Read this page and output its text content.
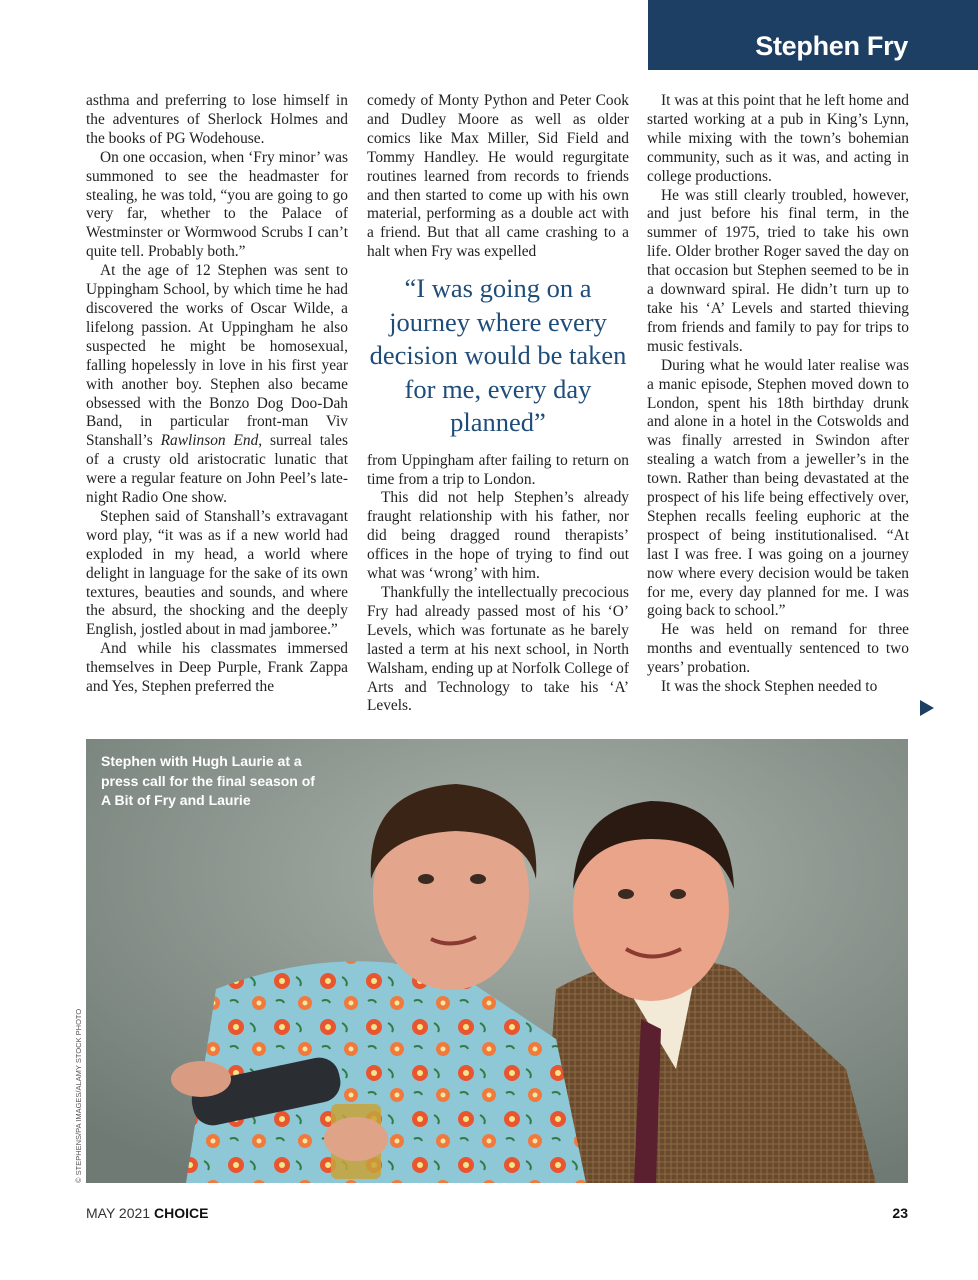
Stephen Fry

asthma and preferring to lose himself in the adventures of Sherlock Holmes and the books of PG Wodehouse.

On one occasion, when ‘Fry minor’ was summoned to see the headmaster for stealing, he was told, “you are going to go very far, whether to the Palace of Westminster or Wormwood Scrubs I can’t quite tell. Probably both.”

At the age of 12 Stephen was sent to Uppingham School, by which time he had discovered the works of Oscar Wilde, a lifelong passion. At Uppingham he also suspected he might be homosexual, falling hopelessly in love in his first year with another boy. Stephen also became obsessed with the Bonzo Dog Doo-Dah Band, in particular front-man Viv Stanshall’s Rawlinson End, surreal tales of a crusty old aristocratic lunatic that were a regular feature on John Peel’s late-night Radio One show.

Stephen said of Stanshall’s extravagant word play, “it was as if a new world had exploded in my head, a world where delight in language for the sake of its own textures, beauties and sounds, and where the absurd, the shocking and the deeply English, jostled about in mad jamboree.”

And while his classmates immersed themselves in Deep Purple, Frank Zappa and Yes, Stephen preferred the

comedy of Monty Python and Peter Cook and Dudley Moore as well as older comics like Max Miller, Sid Field and Tommy Handley. He would regurgitate routines learned from records to friends and then started to come up with his own material, performing as a double act with a friend. But that all came crashing to a halt when Fry was expelled

“I was going on a journey where every decision would be taken for me, every day planned”

from Uppingham after failing to return on time from a trip to London.

This did not help Stephen’s already fraught relationship with his father, nor did being dragged round therapists’ offices in the hope of trying to find out what was ‘wrong’ with him.

Thankfully the intellectually precocious Fry had already passed most of his ‘O’ Levels, which was fortunate as he barely lasted a term at his next school, in North Walsham, ending up at Norfolk College of Arts and Technology to take his ‘A’ Levels.

It was at this point that he left home and started working at a pub in King’s Lynn, while mixing with the town’s bohemian community, such as it was, and acting in college productions.

He was still clearly troubled, however, and just before his final term, in the summer of 1975, tried to take his own life. Older brother Roger saved the day on that occasion but Stephen seemed to be in a downward spiral. He didn’t turn up to take his ‘A’ Levels and started thieving from friends and family to pay for trips to music festivals.

During what he would later realise was a manic episode, Stephen moved down to London, spent his 18th birthday drunk and alone in a hotel in the Cotswolds and was finally arrested in Swindon after stealing a watch from a jeweller’s in the town. Rather than being devastated at the prospect of his life being effectively over, Stephen recalls feeling euphoric at the prospect of being institutionalised. “At last I was free. I was going on a journey now where every decision would be taken for me, every day planned for me. I was going back to school.”

He was held on remand for three months and eventually sentenced to two years’ probation.

It was the shock Stephen needed to

Stephen with Hugh Laurie at a press call for the final season of A Bit of Fry and Laurie
© STEPHENS/PA IMAGES/ALAMY STOCK PHOTO
MAY 2021 CHOICE	23
